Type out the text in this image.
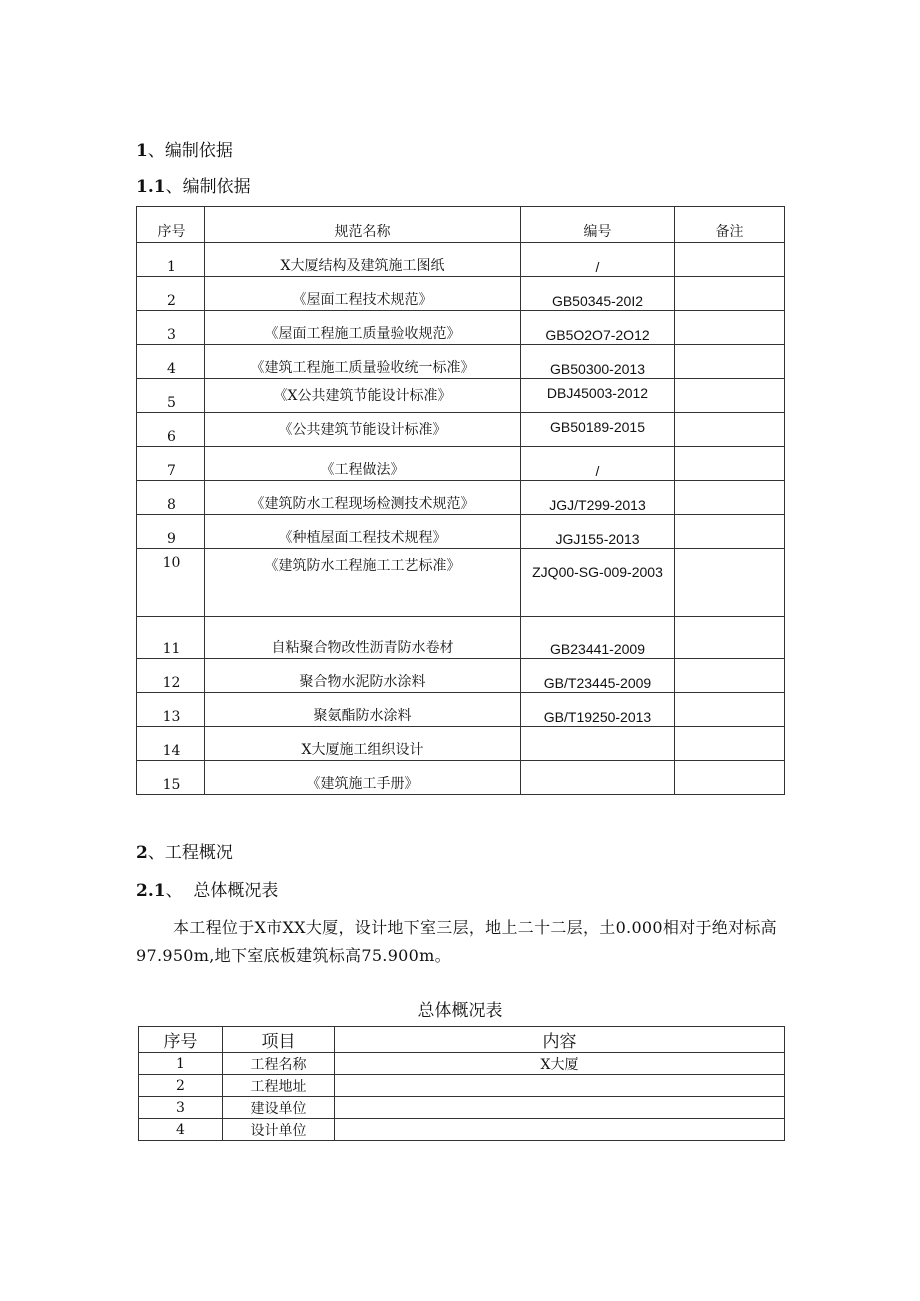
1、编制依据
1.1、编制依据
序号	规范名称	编号	备注
1	X大厦结构及建筑施工图纸	/	
2	《屋面工程技术规范》	GB50345-20I2	
3	《屋面工程施工质量验收规范》	GB5O2O7-2O12	
4	《建筑工程施工质量验收统一标准》	GB50300-2013	
5	《X公共建筑节能设计标准》	DBJ45003-2012	
6	《公共建筑节能设计标准》	GB50189-2015	
7	《工程做法》	/	
8	《建筑防水工程现场检测技术规范》	JGJ/T299-2013	
9	《种植屋面工程技术规程》	JGJ155-2013	
10	《建筑防水工程施工工艺标准》	ZJQ00-SG-009-2003	
11	自粘聚合物改性沥青防水卷材	GB23441-2009	
12	聚合物水泥防水涂料	GB/T23445-2009	
13	聚氨酯防水涂料	GB/T19250-2013	
14	X大厦施工组织设计		
15	《建筑施工手册》		
2、工程概况
2.1、  总体概况表
本工程位于X市XX大厦，设计地下室三层，地上二十二层，土0.000相对于绝对标高97.950m,地下室底板建筑标高75.900m。
总体概况表
序号	项目	内容
1	工程名称	X大厦
2	工程地址	
3	建设单位	
4	设计单位	
